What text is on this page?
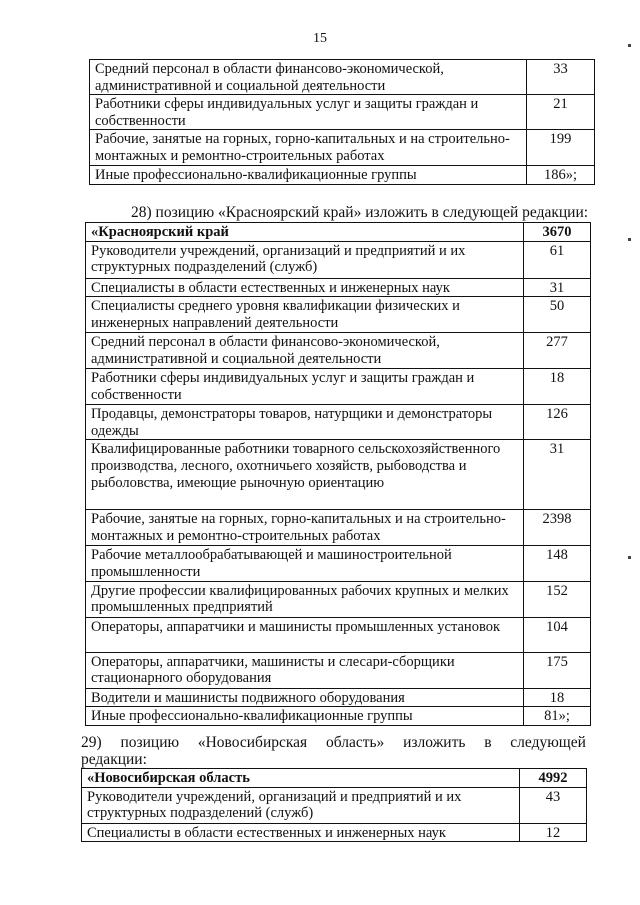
15
Средний персонал в области финансово-экономической, административной и социальной деятельности	33
Работники сферы индивидуальных услуг и защиты граждан и собственности	21
Рабочие, занятые на горных, горно-капитальных и на строительно-монтажных и ремонтно-строительных работах	199
Иные профессионально-квалификационные группы	186»;
28) позицию «Красноярский край» изложить в следующей редакции:
«Красноярский край	3670
Руководители учреждений, организаций и предприятий и их структурных подразделений (служб)	61
Специалисты в области естественных и инженерных наук	31
Специалисты среднего уровня квалификации физических и инженерных направлений деятельности	50
Средний персонал в области финансово-экономической, административной и социальной деятельности	277
Работники сферы индивидуальных услуг и защиты граждан и собственности	18
Продавцы, демонстраторы товаров, натурщики и демонстраторы одежды	126
Квалифицированные работники товарного сельскохозяйственного производства, лесного, охотничьего хозяйств, рыбоводства и рыболовства, имеющие рыночную ориентацию	31
Рабочие, занятые на горных, горно-капитальных и на строительно-монтажных и ремонтно-строительных работах	2398
Рабочие металлообрабатывающей и машиностроительной промышленности	148
Другие профессии квалифицированных рабочих крупных и мелких промышленных предприятий	152
Операторы, аппаратчики и машинисты промышленных установок	104
Операторы, аппаратчики, машинисты и слесари-сборщики стационарного оборудования	175
Водители и машинисты подвижного оборудования	18
Иные профессионально-квалификационные группы	81»;
29) позицию «Новосибирская область» изложить в следующей
редакции:
«Новосибирская область	4992
Руководители учреждений, организаций и предприятий и их структурных подразделений (служб)	43
Специалисты в области естественных и инженерных наук	12
